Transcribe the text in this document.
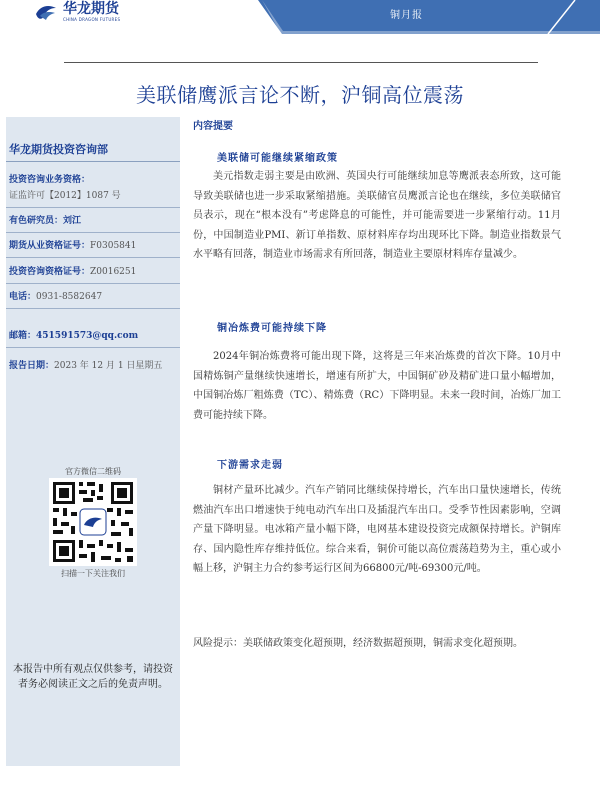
华龙期货
CHINA DRAGON FUTURES	铜月报
美联储鹰派言论不断，沪铜高位震荡
华龙期货投资咨询部
投资咨询业务资格：
证监许可【2012】1087 号
有色研究员：刘江
期货从业资格证号：F0305841
投资咨询资格证号：Z0016251
电话：0931-8582647
邮箱：451591573@qq.com
报告日期：2023 年 12 月 1 日星期五
官方微信二维码
扫描一下关注我们
本报告中所有观点仅供参考，请投资者务必阅读正文之后的免责声明。
内容提要
美联储可能继续紧缩政策
美元指数走弱主要是由欧洲、英国央行可能继续加息等鹰派表态所致，这可能导致美联储也进一步采取紧缩措施。美联储官员鹰派言论也在继续，多位美联储官员表示，现在“根本没有”考虑降息的可能性，并可能需要进一步紧缩行动。11月份，中国制造业PMI、新订单指数、原材料库存均出现环比下降。制造业指数景气水平略有回落，制造业市场需求有所回落，制造业主要原材料库存量减少。
铜冶炼费可能持续下降
2024年铜冶炼费将可能出现下降，这将是三年来冶炼费的首次下降。10月中国精炼铜产量继续快速增长，增速有所扩大，中国铜矿砂及精矿进口量小幅增加，中国铜冶炼厂粗炼费（TC）、精炼费（RC）下降明显。未来一段时间，冶炼厂加工费可能持续下降。
下游需求走弱
铜材产量环比减少。汽车产销同比继续保持增长，汽车出口量快速增长，传统燃油汽车出口增速快于纯电动汽车出口及插混汽车出口。受季节性因素影响，空调产量下降明显。电冰箱产量小幅下降，电网基本建设投资完成额保持增长。沪铜库存、国内隐性库存维持低位。综合来看，铜价可能以高位震荡趋势为主，重心或小幅上移，沪铜主力合约参考运行区间为66800元/吨-69300元/吨。
风险提示：美联储政策变化超预期，经济数据超预期，铜需求变化超预期。
